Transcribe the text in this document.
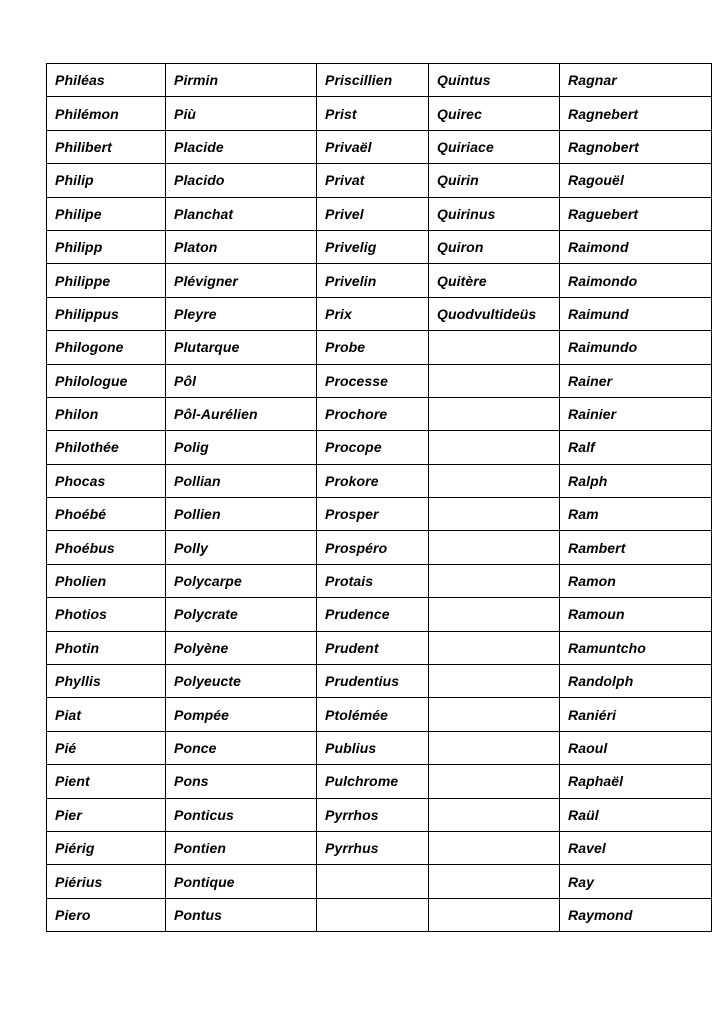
Philéas	Pirmin	Priscillien	Quintus	Ragnar
Philémon	Più	Prist	Quirec	Ragnebert
Philibert	Placide	Privaël	Quiriace	Ragnobert
Philip	Placido	Privat	Quirin	Ragouël
Philipe	Planchat	Privel	Quirinus	Raguebert
Philipp	Platon	Privelig	Quiron	Raimond
Philippe	Plévigner	Privelin	Quitère	Raimondo
Philippus	Pleyre	Prix	Quodvultideüs	Raimund
Philogone	Plutarque	Probe		Raimundo
Philologue	Pôl	Processe		Rainer
Philon	Pôl-Aurélien	Prochore		Rainier
Philothée	Polig	Procope		Ralf
Phocas	Pollian	Prokore		Ralph
Phoébé	Pollien	Prosper		Ram
Phoébus	Polly	Prospéro		Rambert
Pholien	Polycarpe	Protais		Ramon
Photios	Polycrate	Prudence		Ramoun
Photin	Polyène	Prudent		Ramuntcho
Phyllis	Polyeucte	Prudentius		Randolph
Piat	Pompée	Ptolémée		Raniéri
Pié	Ponce	Publius		Raoul
Pient	Pons	Pulchrome		Raphaël
Pier	Ponticus	Pyrrhos		Raül
Piérig	Pontien	Pyrrhus		Ravel
Piérius	Pontique			Ray
Piero	Pontus			Raymond
